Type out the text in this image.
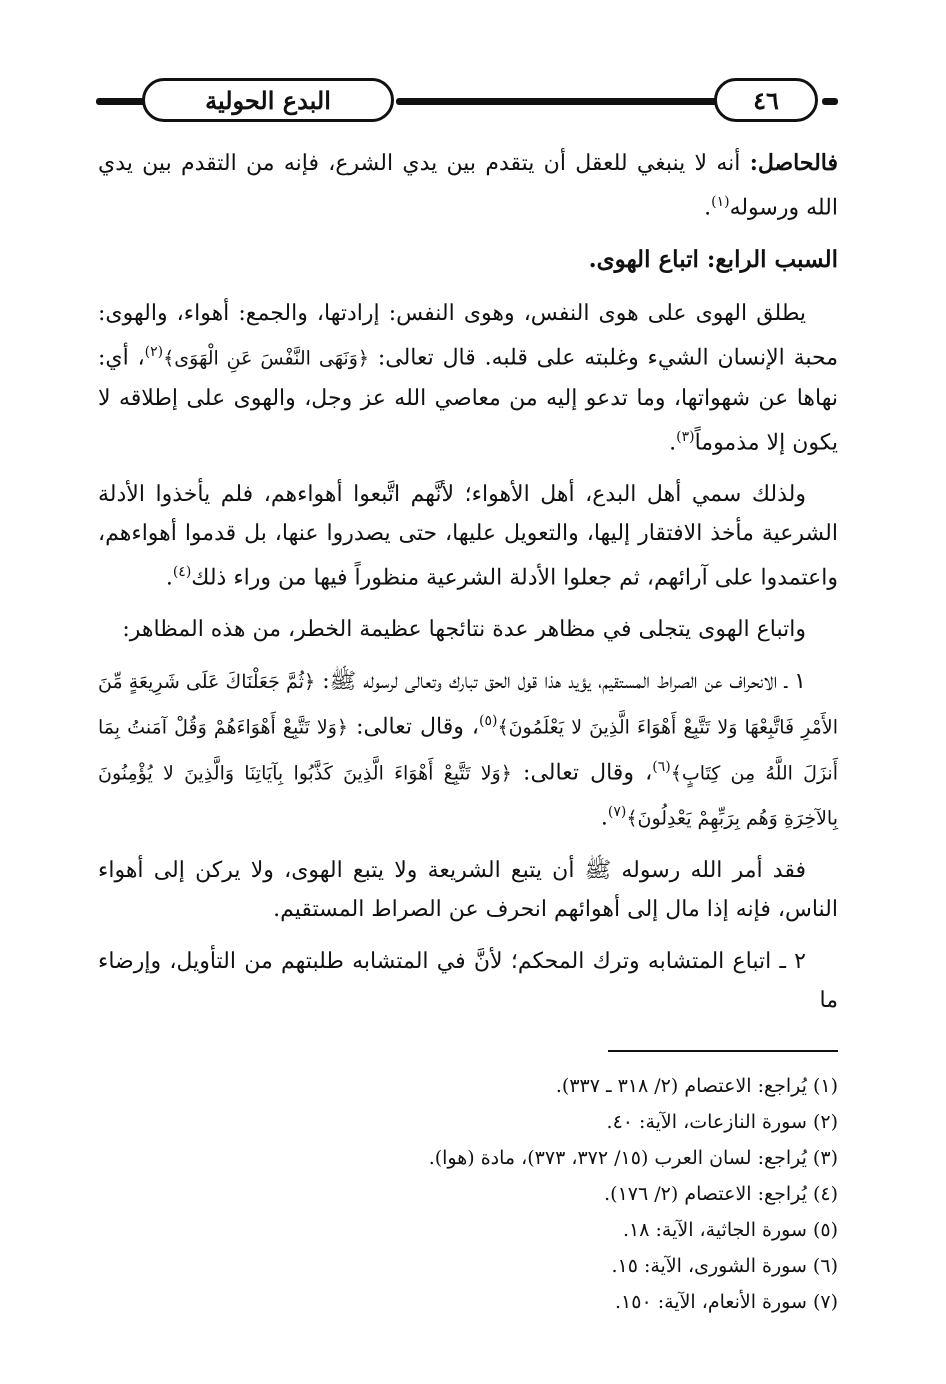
البدع الحولية	٤٦

فالحاصل: أنه لا ينبغي للعقل أن يتقدم بين يدي الشرع، فإنه من التقدم بين يدي الله ورسوله$^{(١)}$.

السبب الرابع: اتباع الهوى.

يطلق الهوى على هوى النفس، وهوى النفس: إرادتها، والجمع: أهواء، والهوى: محبة الإنسان الشيء وغلبته على قلبه. قال تعالى: ﴿وَنَهَى النَّفْسَ عَنِ الْهَوَى﴾$^{(٢)}$، أي: نهاها عن شهواتها، وما تدعو إليه من معاصي الله عز وجل، والهوى على إطلاقه لا يكون إلا مذموماً$^{(٣)}$.

ولذلك سمي أهل البدع، أهل الأهواء؛ لأنَّهم اتَّبعوا أهواءهم، فلم يأخذوا الأدلة الشرعية مأخذ الافتقار إليها، والتعويل عليها، حتى يصدروا عنها، بل قدموا أهواءهم، واعتمدوا على آرائهم، ثم جعلوا الأدلة الشرعية منظوراً فيها من وراء ذلك$^{(٤)}$.

واتباع الهوى يتجلى في مظاهر عدة نتائجها عظيمة الخطر، من هذه المظاهر:

١ ـ الانحراف عن الصراط المستقيم، يؤيد هذا قول الحق تبارك وتعالى لرسوله ﷺ: ﴿ثُمَّ جَعَلْنَاكَ عَلَى شَرِيعَةٍ مِّنَ الأَمْرِ فَاتَّبِعْهَا وَلا تَتَّبِعْ أَهْوَاءَ الَّذِينَ لا يَعْلَمُونَ﴾$^{(٥)}$، وقال تعالى: ﴿وَلا تَتَّبِعْ أَهْوَاءَهُمْ وَقُلْ آمَنتُ بِمَا أَنزَلَ اللَّهُ مِن كِتَابٍ﴾$^{(٦)}$، وقال تعالى: ﴿وَلا تَتَّبِعْ أَهْوَاءَ الَّذِينَ كَذَّبُوا بِآيَاتِنَا وَالَّذِينَ لا يُؤْمِنُونَ بِالآخِرَةِ وَهُم بِرَبِّهِمْ يَعْدِلُونَ﴾$^{(٧)}$.

فقد أمر الله رسوله ﷺ أن يتبع الشريعة ولا يتبع الهوى، ولا يركن إلى أهواء الناس، فإنه إذا مال إلى أهوائهم انحرف عن الصراط المستقيم.

٢ ـ اتباع المتشابه وترك المحكم؛ لأنَّ في المتشابه طلبتهم من التأويل، وإرضاء ما

(١) يُراجع: الاعتصام (٢/ ٣١٨ ـ ٣٣٧).
(٢) سورة النازعات، الآية: ٤٠.
(٣) يُراجع: لسان العرب (١٥/ ٣٧٢، ٣٧٣)، مادة (هوا).
(٤) يُراجع: الاعتصام (٢/ ١٧٦).
(٥) سورة الجاثية، الآية: ١٨.
(٦) سورة الشورى، الآية: ١٥.
(٧) سورة الأنعام، الآية: ١٥٠.
